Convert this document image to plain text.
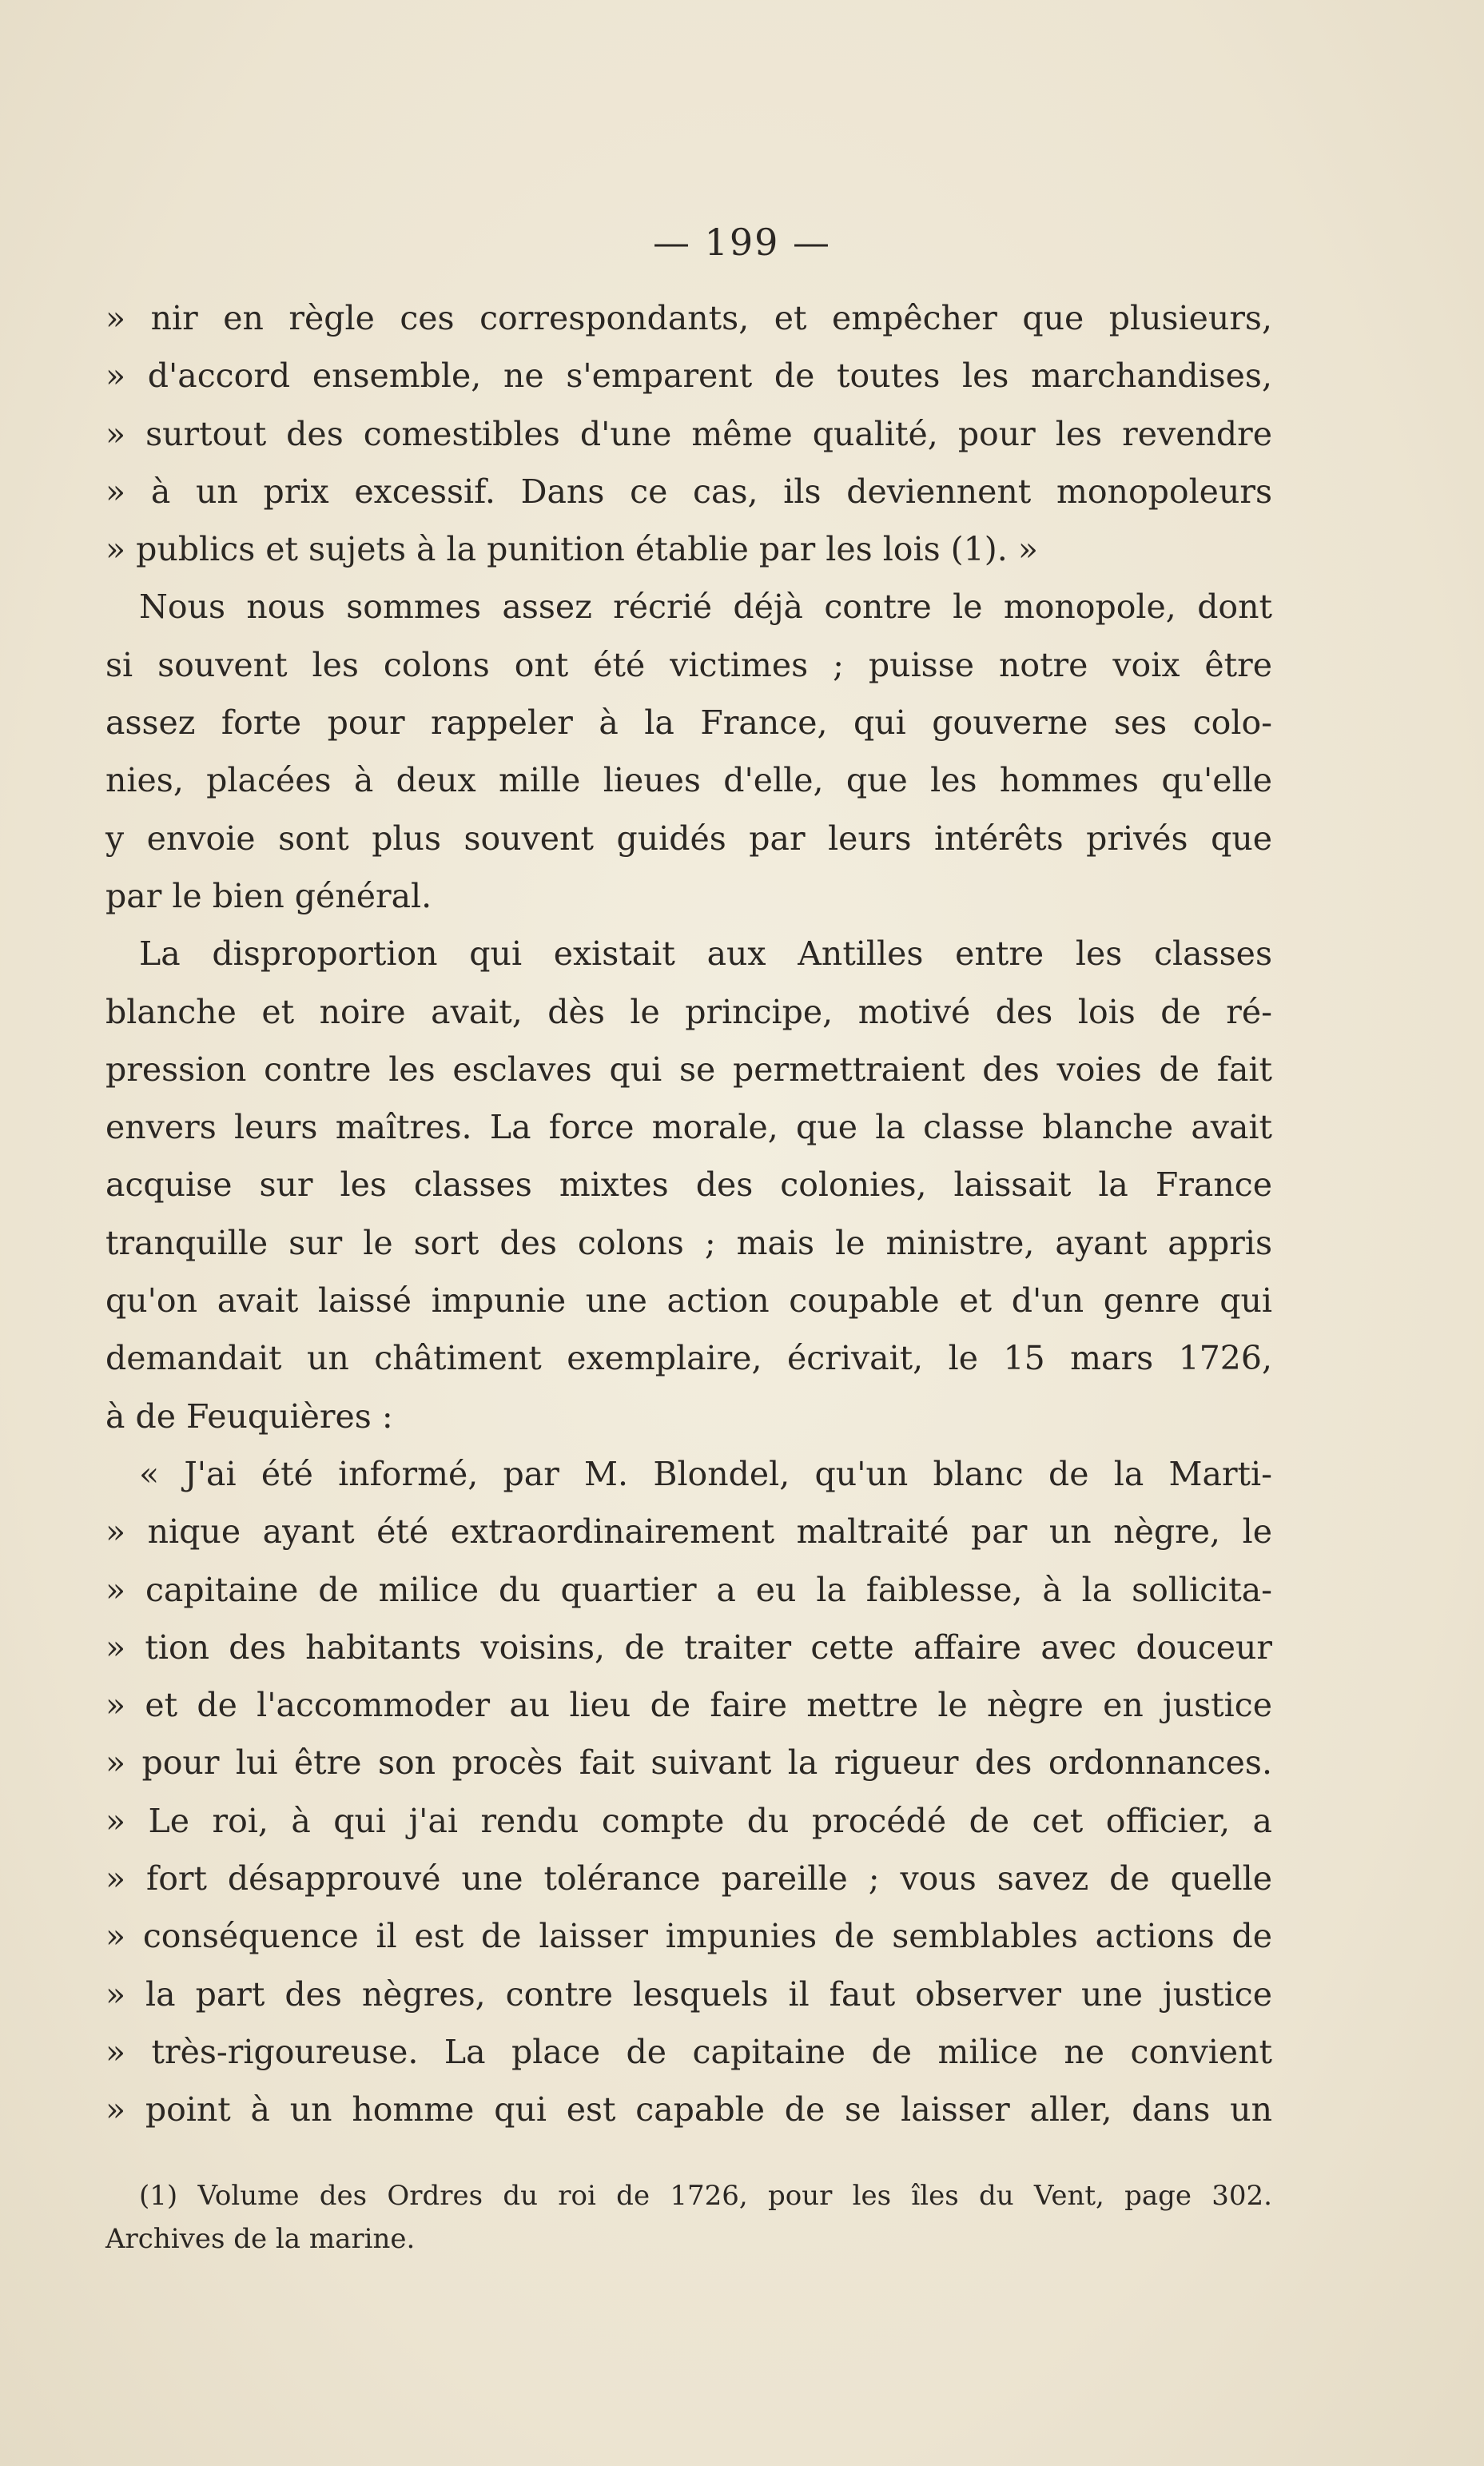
— 199 —
» nir en règle ces correspondants, et empêcher que plusieurs,
» d'accord ensemble, ne s'emparent de toutes les marchandises,
» surtout des comestibles d'une même qualité, pour les revendre
» à un prix excessif. Dans ce cas, ils deviennent monopoleurs
» publics et sujets à la punition établie par les lois (1). »
Nous nous sommes assez récrié déjà contre le monopole, dont
si souvent les colons ont été victimes ; puisse notre voix être
assez forte pour rappeler à la France, qui gouverne ses colo-
nies, placées à deux mille lieues d'elle, que les hommes qu'elle
y envoie sont plus souvent guidés par leurs intérêts privés que
par le bien général.
La disproportion qui existait aux Antilles entre les classes
blanche et noire avait, dès le principe, motivé des lois de ré-
pression contre les esclaves qui se permettraient des voies de fait
envers leurs maîtres. La force morale, que la classe blanche avait
acquise sur les classes mixtes des colonies, laissait la France
tranquille sur le sort des colons ; mais le ministre, ayant appris
qu'on avait laissé impunie une action coupable et d'un genre qui
demandait un châtiment exemplaire, écrivait, le 15 mars 1726,
à de Feuquières :
« J'ai été informé, par M. Blondel, qu'un blanc de la Marti-
» nique ayant été extraordinairement maltraité par un nègre, le
» capitaine de milice du quartier a eu la faiblesse, à la sollicita-
» tion des habitants voisins, de traiter cette affaire avec douceur
» et de l'accommoder au lieu de faire mettre le nègre en justice
» pour lui être son procès fait suivant la rigueur des ordonnances.
» Le roi, à qui j'ai rendu compte du procédé de cet officier, a
» fort désapprouvé une tolérance pareille ; vous savez de quelle
» conséquence il est de laisser impunies de semblables actions de
» la part des nègres, contre lesquels il faut observer une justice
» très-rigoureuse. La place de capitaine de milice ne convient
» point à un homme qui est capable de se laisser aller, dans un
(1) Volume des Ordres du roi de 1726, pour les îles du Vent, page 302.
Archives de la marine.
